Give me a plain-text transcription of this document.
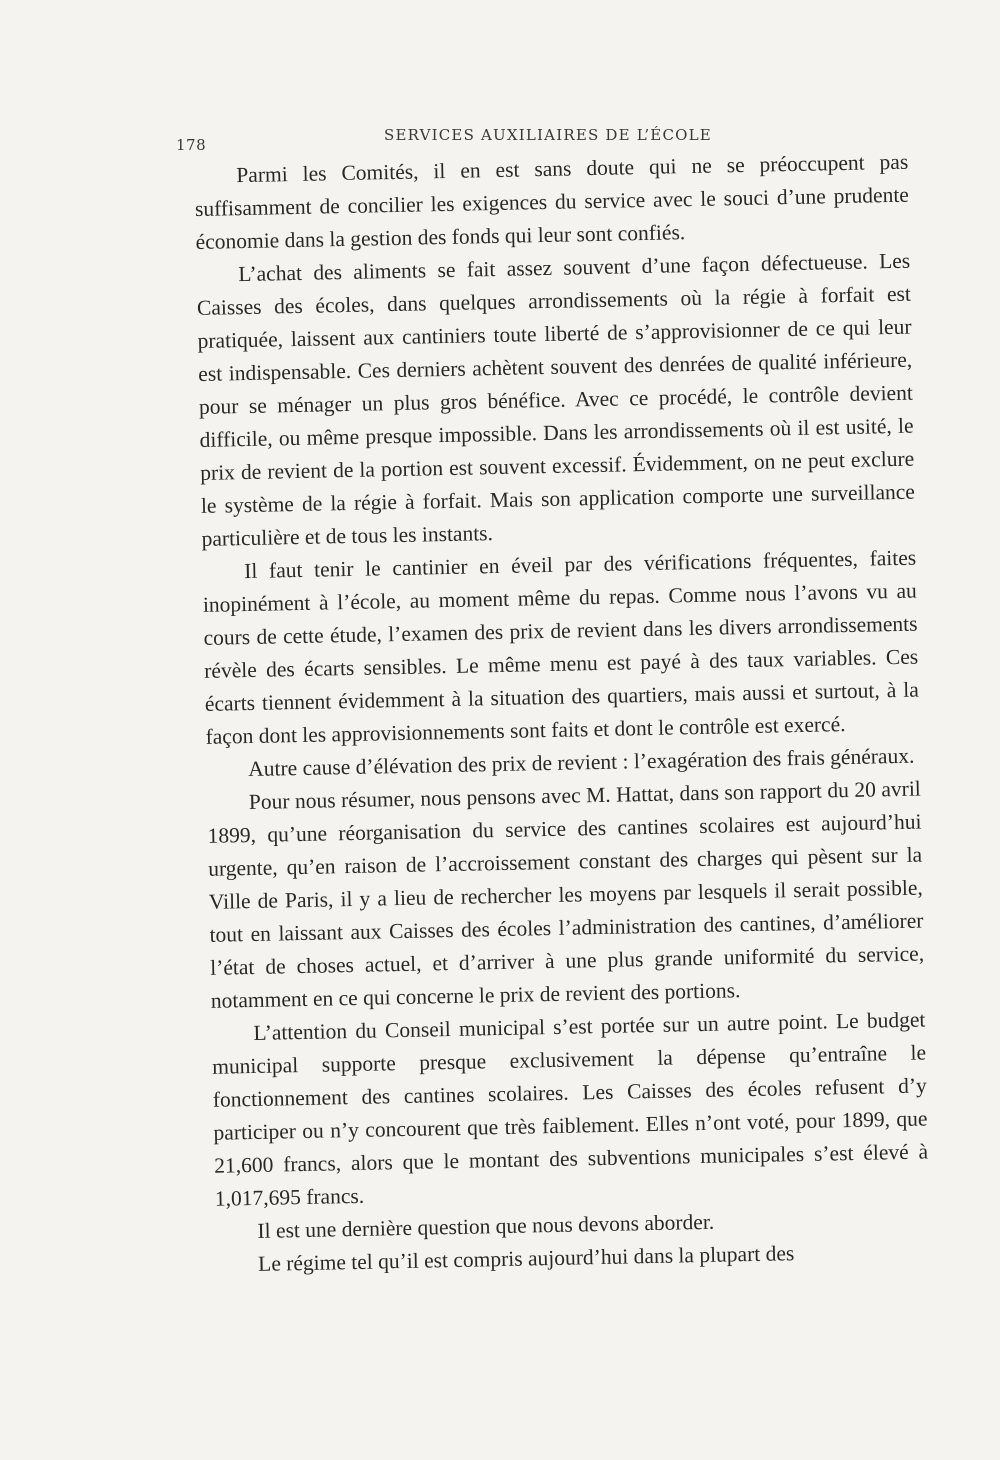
178
SERVICES AUXILIAIRES DE L’ÉCOLE

Parmi les Comités, il en est sans doute qui ne se préoccupent pas suffisamment de concilier les exigences du service avec le souci d’une prudente économie dans la gestion des fonds qui leur sont confiés.

L’achat des aliments se fait assez souvent d’une façon défectueuse. Les Caisses des écoles, dans quelques arrondissements où la régie à forfait est pratiquée, laissent aux cantiniers toute liberté de s’approvisionner de ce qui leur est indispensable. Ces derniers achètent souvent des denrées de qualité inférieure, pour se ménager un plus gros bénéfice. Avec ce procédé, le contrôle devient difficile, ou même presque impossible. Dans les arrondissements où il est usité, le prix de revient de la portion est souvent excessif. Évidemment, on ne peut exclure le système de la régie à forfait. Mais son application comporte une surveillance particulière et de tous les instants.

Il faut tenir le cantinier en éveil par des vérifications fréquentes, faites inopinément à l’école, au moment même du repas. Comme nous l’avons vu au cours de cette étude, l’examen des prix de revient dans les divers arrondissements révèle des écarts sensibles. Le même menu est payé à des taux variables. Ces écarts tiennent évidemment à la situation des quartiers, mais aussi et surtout, à la façon dont les approvisionnements sont faits et dont le contrôle est exercé.

Autre cause d’élévation des prix de revient : l’exagération des frais généraux.

Pour nous résumer, nous pensons avec M. Hattat, dans son rapport du 20 avril 1899, qu’une réorganisation du service des cantines scolaires est aujourd’hui urgente, qu’en raison de l’accroissement constant des charges qui pèsent sur la Ville de Paris, il y a lieu de rechercher les moyens par lesquels il serait possible, tout en laissant aux Caisses des écoles l’administration des cantines, d’améliorer l’état de choses actuel, et d’arriver à une plus grande uniformité du service, notamment en ce qui concerne le prix de revient des portions.

L’attention du Conseil municipal s’est portée sur un autre point. Le budget municipal supporte presque exclusivement la dépense qu’entraîne le fonctionnement des cantines scolaires. Les Caisses des écoles refusent d’y participer ou n’y concourent que très faiblement. Elles n’ont voté, pour 1899, que 21,600 francs, alors que le montant des subventions municipales s’est élevé à 1,017,695 francs.

Il est une dernière question que nous devons aborder.

Le régime tel qu’il est compris aujourd’hui dans la plupart des
